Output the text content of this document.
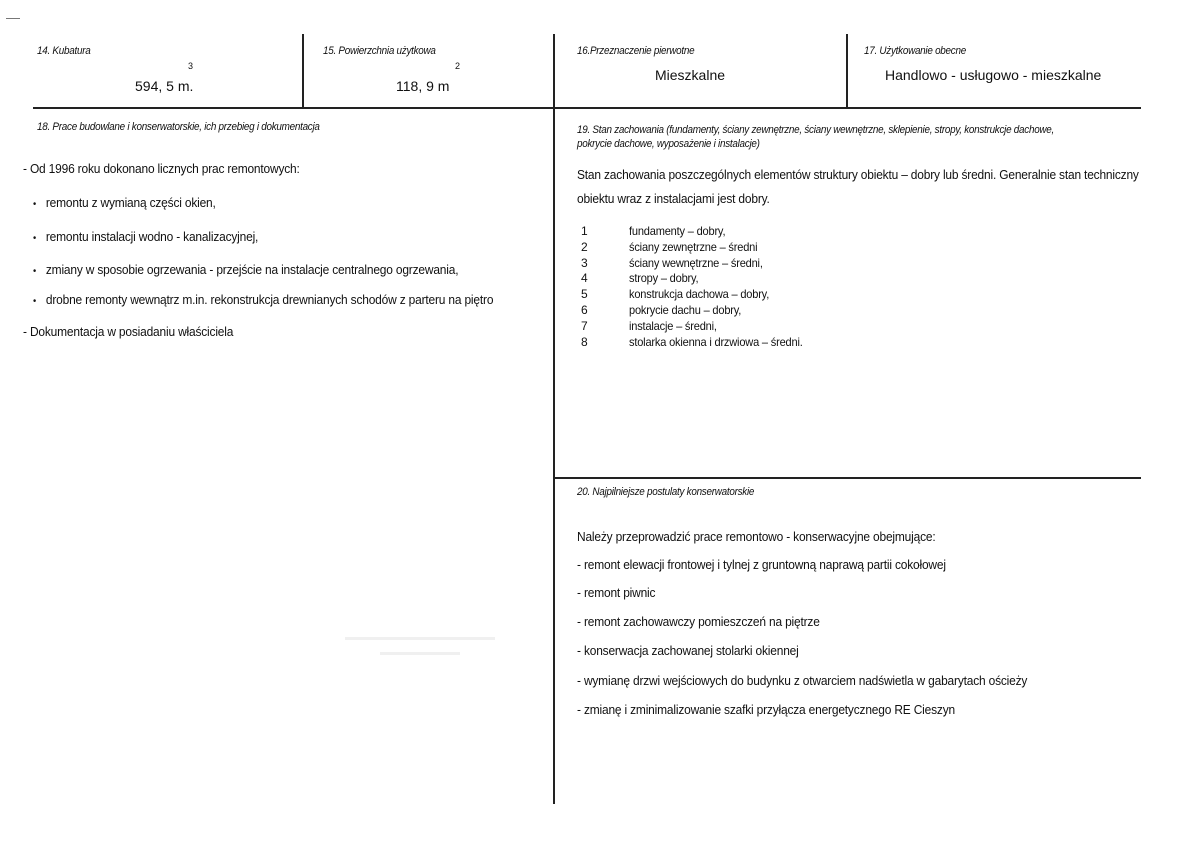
14. Kubatura
594, 5 m.
3
15. Powierzchnia użytkowa
118, 9 m
2
16.Przeznaczenie pierwotne
Mieszkalne
17. Użytkowanie obecne
Handlowo - usługowo - mieszkalne
18. Prace budowlane i konserwatorskie, ich przebieg i dokumentacja
- Od 1996 roku dokonano licznych prac remontowych:
• remontu z wymianą części okien,
• remontu instalacji wodno - kanalizacyjnej,
• zmiany w sposobie ogrzewania - przejście na instalacje centralnego ogrzewania,
• drobne remonty wewnątrz m.in. rekonstrukcja drewnianych schodów z parteru na piętro
- Dokumentacja w posiadaniu właściciela
19. Stan zachowania (fundamenty, ściany zewnętrzne, ściany wewnętrzne, sklepienie, stropy, konstrukcje dachowe,
pokrycie dachowe, wyposażenie i instalacje)
Stan zachowania poszczególnych elementów struktury obiektu – dobry lub średni. Generalnie stan techniczny
obiektu wraz z instalacjami jest dobry.
1	fundamenty – dobry,
2	ściany zewnętrzne – średni
3	ściany wewnętrzne – średni,
4	stropy – dobry,
5	konstrukcja dachowa – dobry,
6	pokrycie dachu – dobry,
7	instalacje – średni,
8	stolarka okienna i drzwiowa – średni.
20. Najpilniejsze postulaty konserwatorskie
Należy przeprowadzić prace remontowo - konserwacyjne obejmujące:
- remont elewacji frontowej i tylnej z gruntowną naprawą partii cokołowej
- remont piwnic
- remont zachowawczy pomieszczeń na piętrze
- konserwacja zachowanej stolarki okiennej
- wymianę drzwi wejściowych do budynku z otwarciem nadświetla w gabarytach ościeży
- zmianę i zminimalizowanie szafki przyłącza energetycznego RE Cieszyn
